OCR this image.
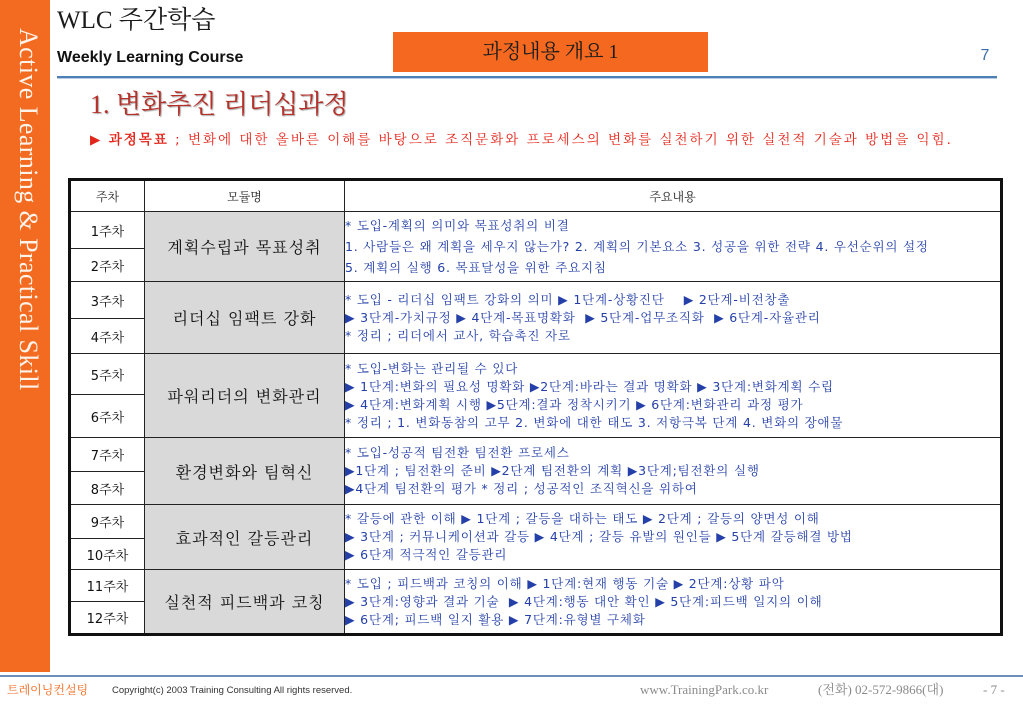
Active Learning & Practical Skill
WLC 주간학습
Weekly Learning Course	과정내용 개요 1	7
1. 변화추진 리더십과정
▶ 과정목표 ; 변화에 대한 올바른 이해를 바탕으로 조직문화와 프로세스의 변화를 실천하기 위한 실천적 기술과 방법을 익힘.
주차	모듈명	주요내용
1주차	계획수립과 목표성취	* 도입-계획의 의미와 목표성취의 비결
1. 사람들은 왜 계획을 세우지 않는가? 2. 계획의 기본요소 3. 성공을 위한 전략 4. 우선순위의 설정
5. 계획의 실행 6. 목표달성을 위한 주요지침

2주차		
3주차	리더십 임팩트 강화	* 도입 - 리더십 임팩트 강화의 의미 ▶ 1단계-상황진단    ▶ 2단계-비전창출
▶ 3단계-가치규정 ▶ 4단계-목표명확화  ▶ 5단계-업무조직화  ▶ 6단계-자율관리
* 정리 ; 리더에서 교사, 학습촉진 자로

4주차		
5주차	파워리더의 변화관리	* 도입-변화는 관리될 수 있다
▶ 1단계:변화의 필요성 명확화 ▶2단계:바라는 결과 명확화 ▶ 3단계:변화계획 수립
▶ 4단계:변화계획 시행 ▶5단계:결과 정착시키기 ▶ 6단계:변화관리 과정 평가
* 정리 ; 1. 변화동참의 고무 2. 변화에 대한 태도 3. 저항극복 단계 4. 변화의 장애물

6주차		
7주차	환경변화와 팀혁신	* 도입-성공적 팀전환 팀전환 프로세스
▶1단계 ; 팀전환의 준비 ▶2단계 팀전환의 계획 ▶3단계;팀전환의 실행
▶4단계 팀전환의 평가 * 정리 ; 성공적인 조직혁신을 위하여

8주차		
9주차	효과적인 갈등관리	* 갈등에 관한 이해 ▶ 1단계 ; 갈등을 대하는 태도 ▶ 2단계 ; 갈등의 양면성 이해
▶ 3단계 ; 커뮤니케이션과 갈등 ▶ 4단계 ; 갈등 유발의 원인들 ▶ 5단계 갈등해결 방법
▶ 6단계 적극적인 갈등관리

10주차		
11주차	실천적 피드백과 코칭	* 도입 ; 피드백과 코칭의 이해 ▶ 1단계:현재 행동 기술 ▶ 2단계:상황 파악
▶ 3단계:영향과 결과 기술  ▶ 4단계:행동 대안 확인 ▶ 5단계:피드백 일지의 이해
▶ 6단계; 피드백 일지 활용 ▶ 7단계:유형별 구체화

12주차		
트레이닝컨설팅	Copyright(c) 2003 Training Consulting All rights reserved.	www.TrainingPark.co.kr	(전화) 02-572-9866(대)	- 7 -
